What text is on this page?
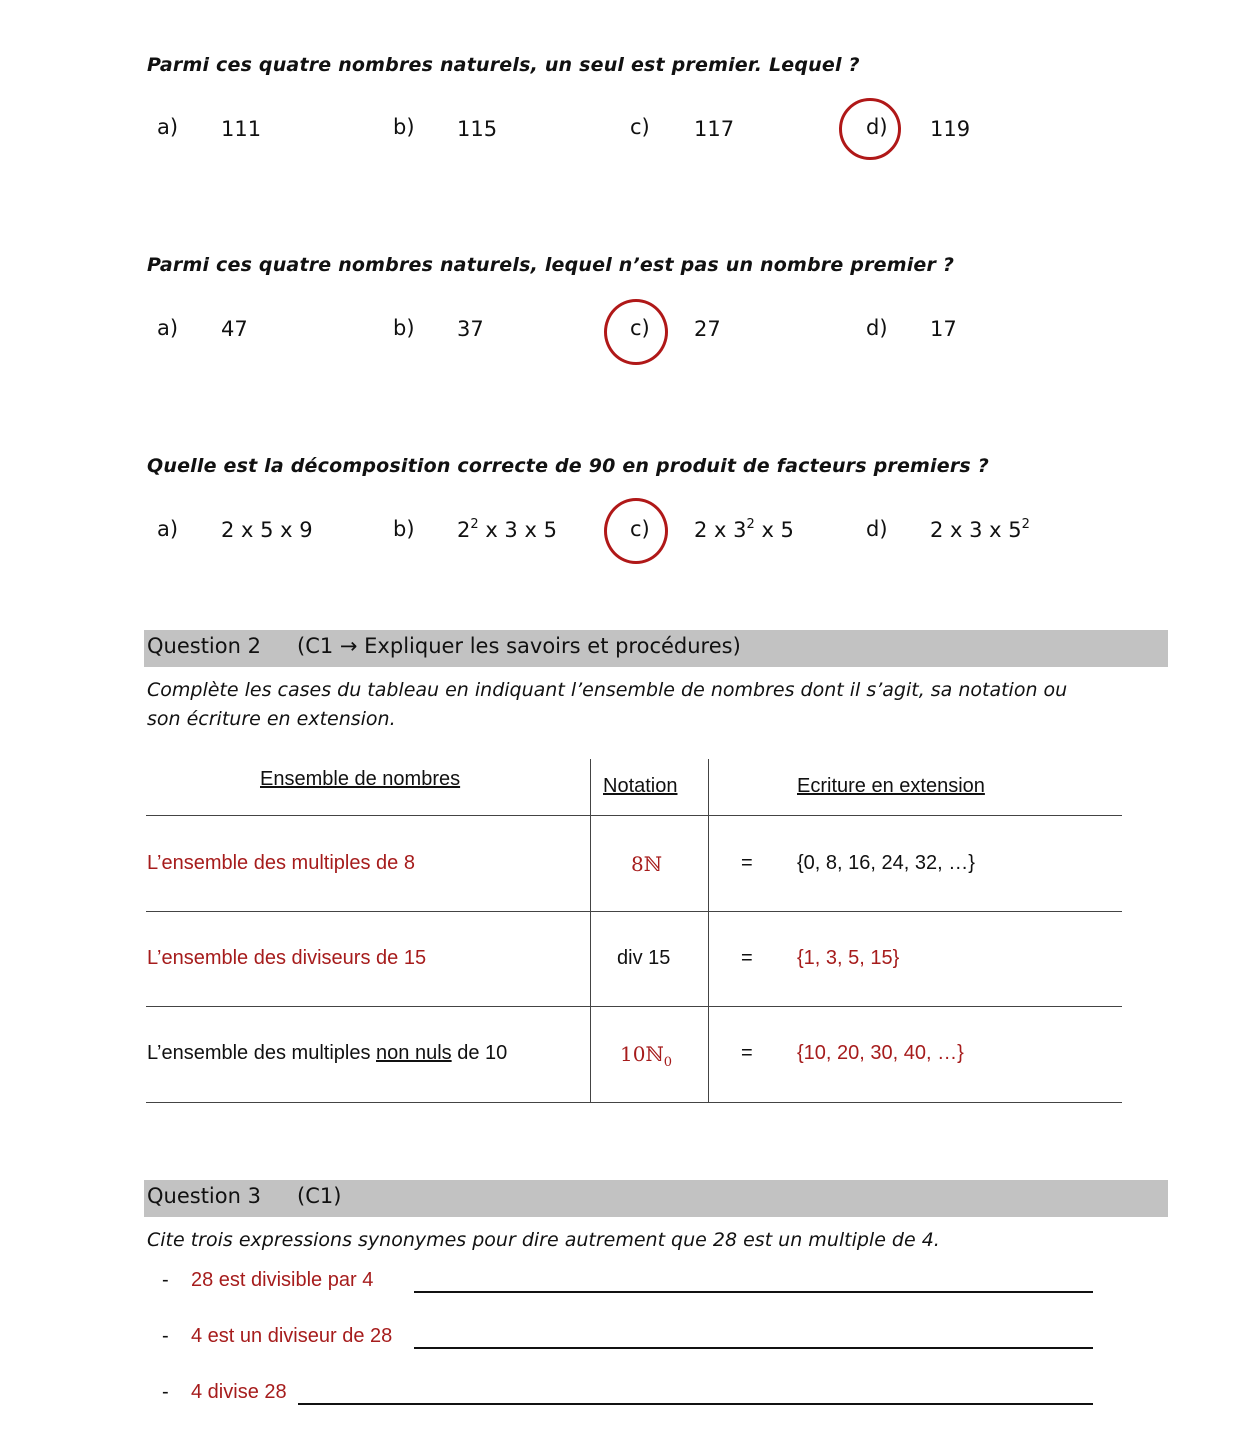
Parmi ces quatre nombres naturels, un seul est premier. Lequel ?
a) 111	b) 115	c) 117	d) 119
Parmi ces quatre nombres naturels, lequel n’est pas un nombre premier ?
a) 47	b) 37	c) 27	d) 17
Quelle est la décomposition correcte de 90 en produit de facteurs premiers ?
a) 2 x 5 x 9	b) $2^2$ x 3 x 5	c) 2 x $3^2$ x 5	d) 2 x 3 x $5^2$
Question 2 (C1 → Expliquer les savoirs et procédures)
Complète les cases du tableau en indiquant l’ensemble de nombres dont il s’agit, sa notation ou
son écriture en extension.
Ensemble de nombres	Notation	Ecriture en extension
L’ensemble des multiples de 8	8ℕ	= {0, 8, 16, 24, 32, …}
L’ensemble des diviseurs de 15	div 15	= {1, 3, 5, 15}
L’ensemble des multiples non nuls de 10	10ℕ$_0$	= {10, 20, 30, 40, …}
Question 3 (C1)
Cite trois expressions synonymes pour dire autrement que 28 est un multiple de 4.
- 28 est divisible par 4
- 4 est un diviseur de 28
- 4 divise 28
